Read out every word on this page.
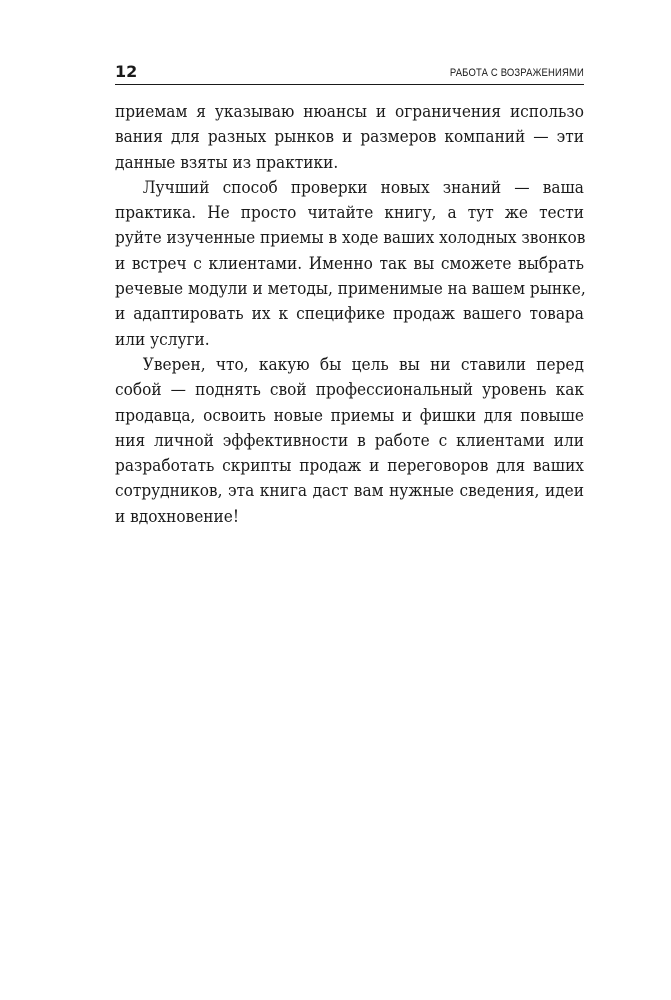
12	РАБОТА С ВОЗРАЖЕНИЯМИ
приемам я указываю нюансы и ограничения использо
вания для разных рынков и размеров компаний — эти
данные взяты из практики.
Лучший способ проверки новых знаний — ваша
практика. Не просто читайте книгу, а тут же тести
руйте изученные приемы в ходе ваших холодных звонков
и встреч с клиентами. Именно так вы сможете выбрать
речевые модули и методы, применимые на вашем рынке,
и адаптировать их к специфике продаж вашего товара
или услуги.
Уверен, что, какую бы цель вы ни ставили перед
собой — поднять свой профессиональный уровень как
продавца, освоить новые приемы и фишки для повыше
ния личной эффективности в работе с клиентами или
разработать скрипты продаж и переговоров для ваших
сотрудников, эта книга даст вам нужные сведения, идеи
и вдохновение!
